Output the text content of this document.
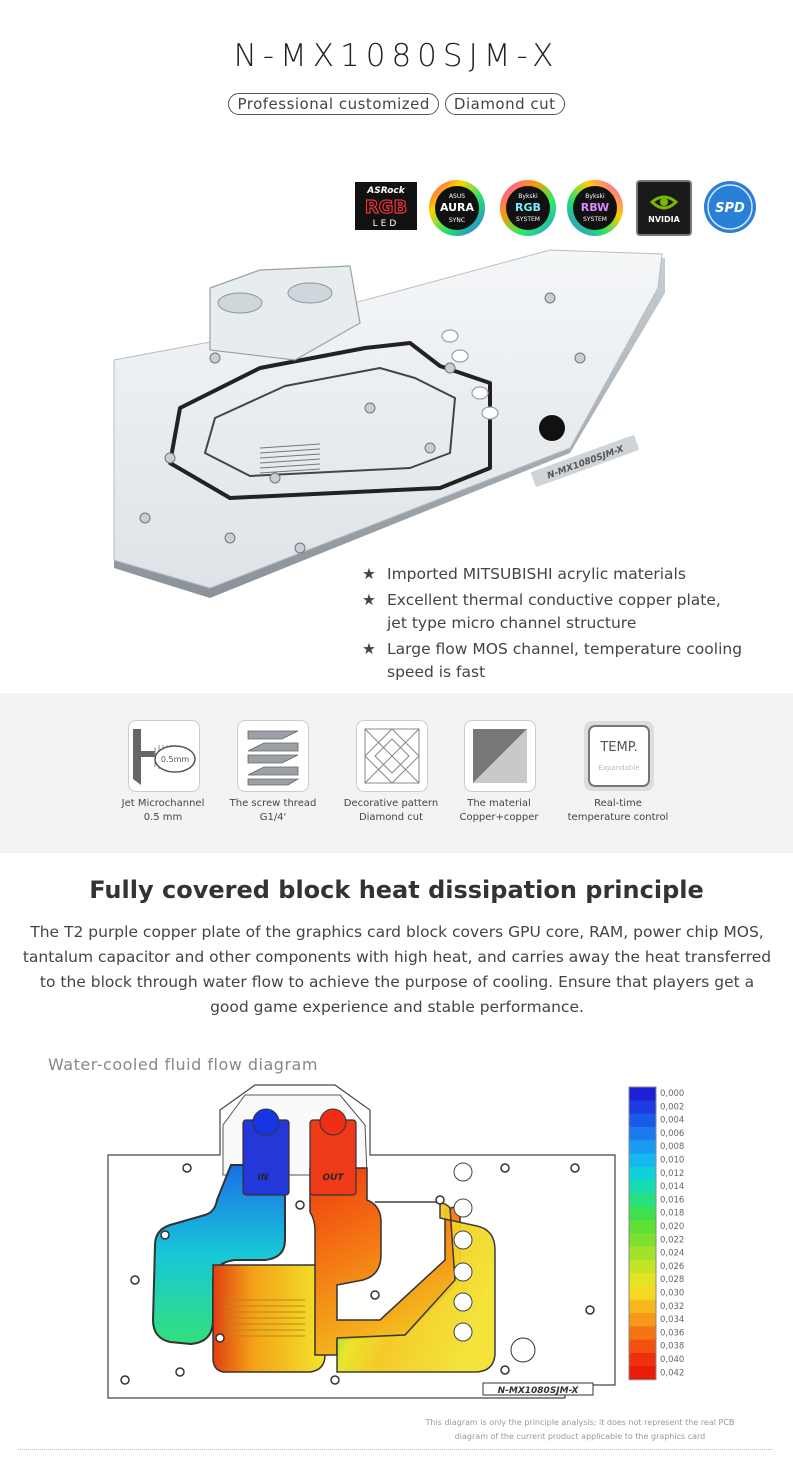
N-MX1080SJM-X
Professional customized Diamond cut
ASRock
RGB
LED
ASUS
AURA
SYNC
Bykski
RGB
SYSTEM
Bykski
RBW
SYSTEM	NVIDIA
SPD
N-MX1080SJM-X
★ Imported MITSUBISHI acrylic materials
★ Excellent thermal conductive copper plate,
jet type micro channel structure
★ Large flow MOS channel, temperature cooling
speed is fast
0.5mm
Jet Microchannel
0.5 mm
The screw thread
G1/4'
Decorative pattern
Diamond cut
The material
Copper+copper
TEMP.
Expandable
Real-time
temperature control
Fully covered block heat dissipation principle
The T2 purple copper plate of the graphics card block covers GPU core, RAM, power chip MOS, tantalum capacitor and other components with high heat, and carries away the heat transferred to the block through water flow to achieve the purpose of cooling. Ensure that players get a good game experience and stable performance.
Water-cooled fluid flow diagram
IN	OUT
N-MX1080SJM-X
0,000
0,002
0,004
0,006
0,008
0,010
0,012
0,014
0,016
0,018
0,020
0,022
0,024
0,026
0,028
0,030
0,032
0,034
0,036
0,038
0,040
0,042
This diagram is only the principle analysis; it does not represent the real PCB
diagram of the current product applicable to the graphics card
